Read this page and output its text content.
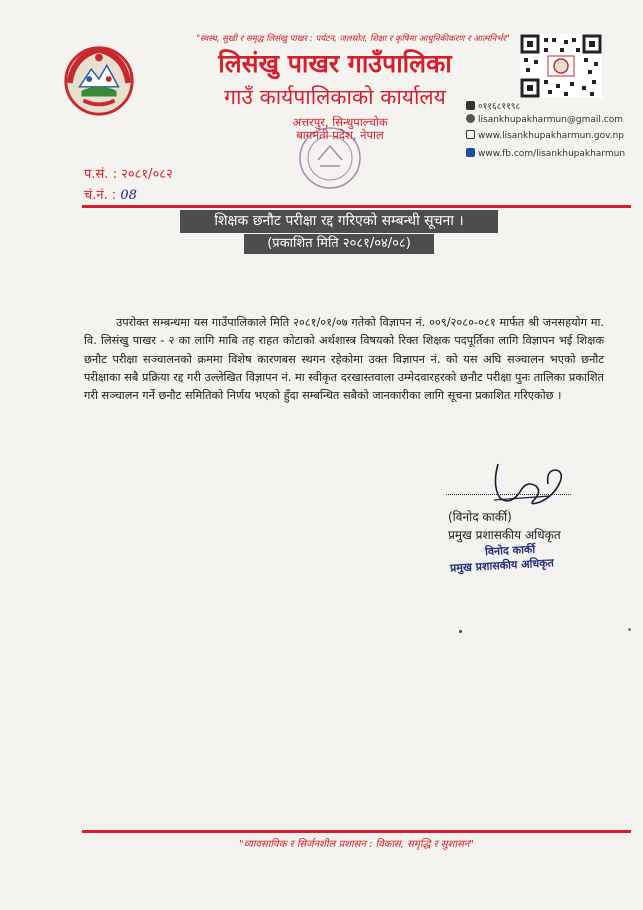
"स्वस्थ, सुखी र समृद्ध लिसंखु पाखर : पर्यटन, जलस्रोत, शिक्षा र कृषिमा आधुनिकीकरण र आत्मनिर्भर"
लिसंखु पाखर गाउँपालिका
गाउँ कार्यपालिकाको कार्यालय
अत्तरपुर, सिन्धुपाल्चोक
बागमती प्रदेश, नेपाल
०११६८११९८
lisankhupakharmun@gmail.com
www.lisankhupakharmun.gov.np
www.fb.com/lisankhupakharmun
प.सं. : २०८१/०८२
चं.नं. : 08
शिक्षक छनौट परीक्षा रद्द गरिएको सम्बन्धी सूचना ।
(प्रकाशित मिति २०८१/०४/०८)

उपरोक्त सम्बन्धमा यस गाउँपालिकाले मिति २०८१/०१/०७ गतेको विज्ञापन नं. ००९/२०८०-०८१ मार्फत श्री जनसहयोग मा. वि. लिसंखु पाखर - २ का लागि माबि तह राहत कोटाको अर्थशास्त्र विषयको रिक्त शिक्षक पदपूर्तिका लागि विज्ञापन भई शिक्षक छनौट परीक्षा सञ्चालनको क्रममा विशेष कारणबस स्थगन रहेकोमा उक्त विज्ञापन नं. को यस अघि सञ्चालन भएको छनौट परीक्षाका सबै प्रक्रिया रद्द गरी उल्लेखित विज्ञापन नं. मा स्वीकृत दरखास्तवाला उम्मेदवारहरको छनौट परीक्षा पुनः तालिका प्रकाशित गरी सञ्चालन गर्ने छनौट समितिको निर्णय भएको हुँदा सम्बन्धित सबैको जानकारीका लागि सूचना प्रकाशित गरिएकोछ ।

(विनोद कार्की)
प्रमुख प्रशासकीय अधिकृत
विनोद कार्की
प्रमुख प्रशासकीय अधिकृत
"व्यावसायिक र सिर्जनशील प्रशासन : विकास, समृद्धि र सुशासन"
